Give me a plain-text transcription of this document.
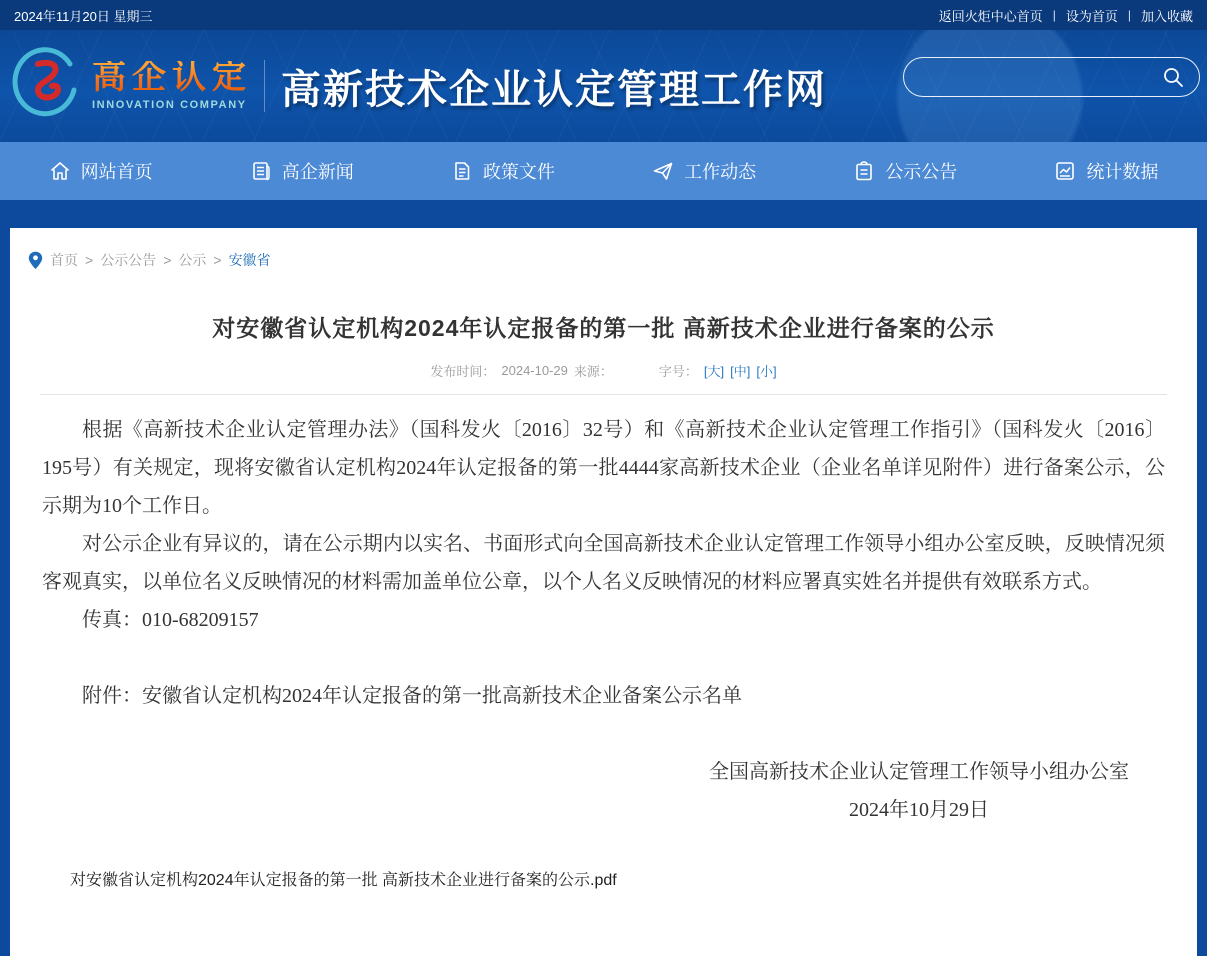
2024年11月20日 星期三	返回火炬中心首页 | 设为首页 | 加入收藏
高企认定
INNOVATION COMPANY 高新技术企业认定管理工作网
网站首页	高企新闻	政策文件	工作动态	公示公告	统计数据
首页 > 公示公告 > 公示 > 安徽省
对安徽省认定机构2024年认定报备的第一批 高新技术企业进行备案的公示
发布时间： 2024-10-29 来源：	字号： [大] [中] [小]

根据《高新技术企业认定管理办法》（国科发火〔2016〕32号）和《高新技术企业认定管理工作指引》（国科发火〔2016〕195号）有关规定，现将安徽省认定机构2024年认定报备的第一批4444家高新技术企业（企业名单详见附件）进行备案公示，公示期为10个工作日。

对公示企业有异议的，请在公示期内以实名、书面形式向全国高新技术企业认定管理工作领导小组办公室反映，反映情况须客观真实，以单位名义反映情况的材料需加盖单位公章，以个人名义反映情况的材料应署真实姓名并提供有效联系方式。

传真：010-68209157

附件：安徽省认定机构2024年认定报备的第一批高新技术企业备案公示名单

全国高新技术企业认定管理工作领导小组办公室
2024年10月29日
对安徽省认定机构2024年认定报备的第一批 高新技术企业进行备案的公示.pdf
